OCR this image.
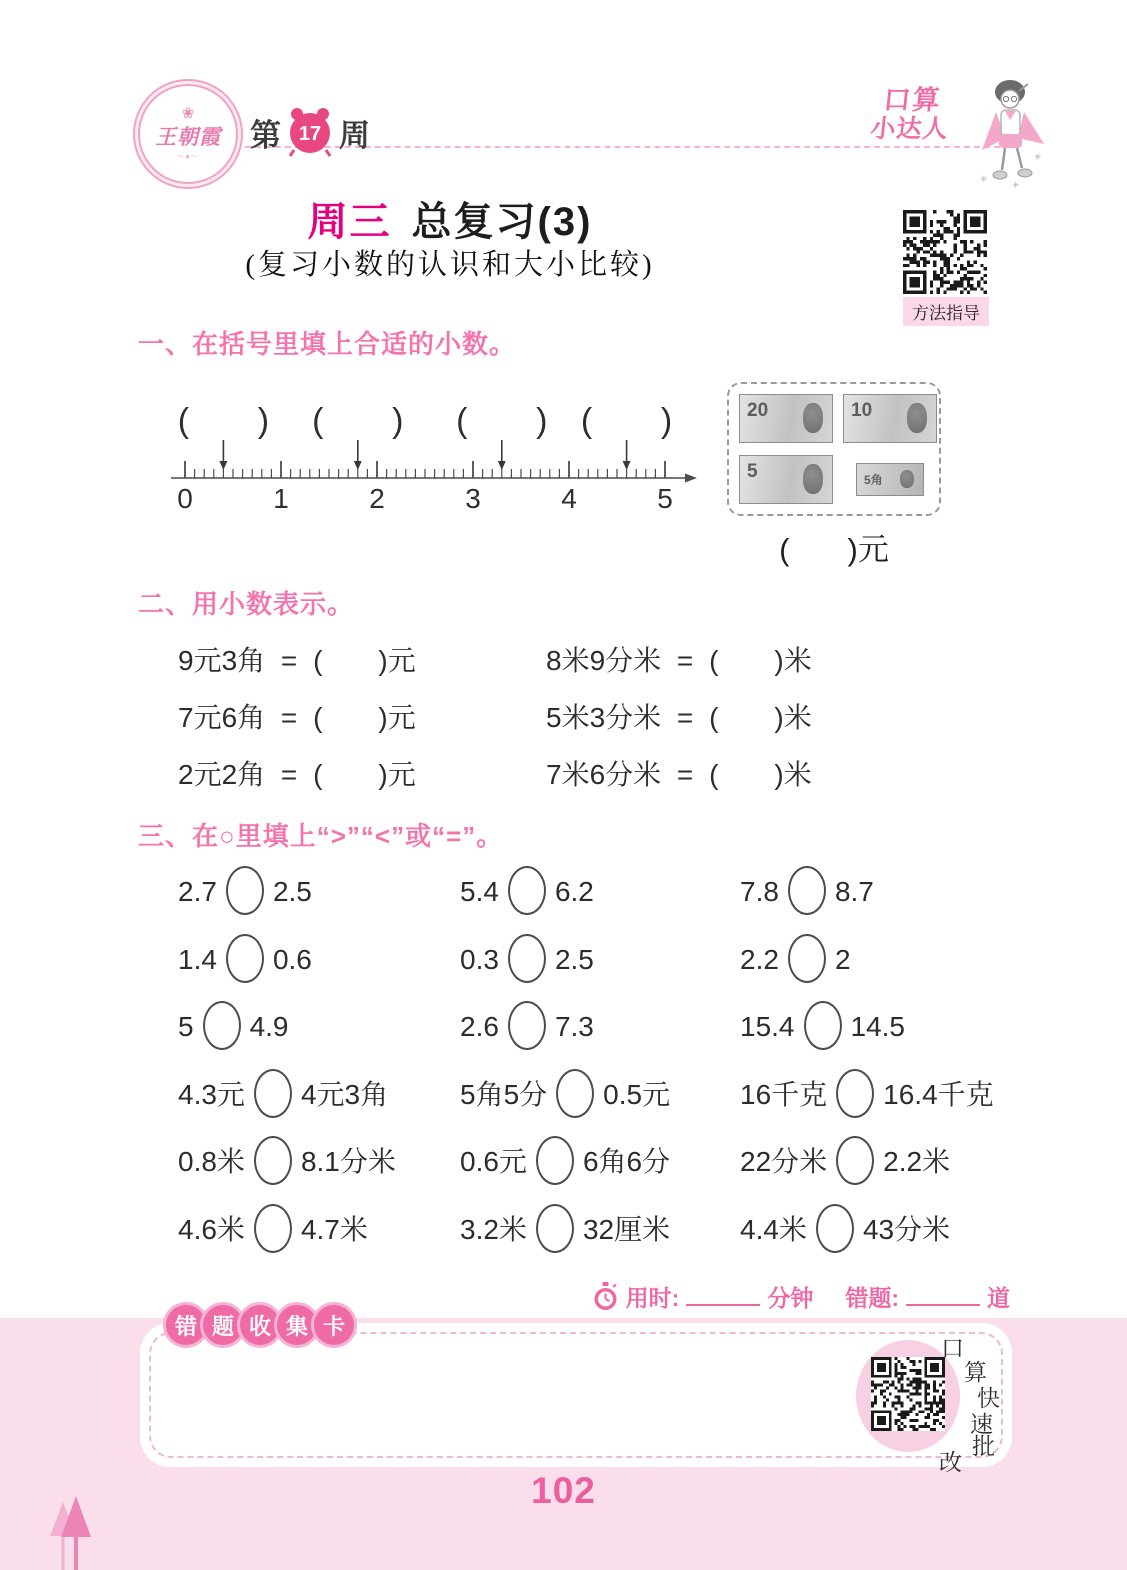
❀
王朝霞
～♦～
第 17 周
口算
小达人
✳
✳
✳
周三 总复习(3)
(复习小数的认识和大小比较)
方法指导
一、在括号里填上合适的小数。
0	1	2	3	4	5
( ) ( ) ( ) ( )	20	10
5	5角
( )元
二、用小数表示。
9元3角 = ( )元	8米9分米 = ( )米
7元6角 = ( )元	5米3分米 = ( )米
2元2角 = ( )元	7米6分米 = ( )米
三、在○里填上“>”“<”或“=”。
2.7 2.5	5.4 6.2	7.8 8.7
1.4 0.6	0.3 2.5	2.2 2
5 4.9	2.6 7.3	15.4 14.5
4.3元 4元3角	5角5分 0.5元	16千克 16.4千克
0.8米 8.1分米	0.6元 6角6分	22分米 2.2米
4.6米 4.7米	3.2米 32厘米	4.4米 43分米
用时:	分钟 错题:	道
错 题 收 集 卡
102
口
算
快
速
批
改
